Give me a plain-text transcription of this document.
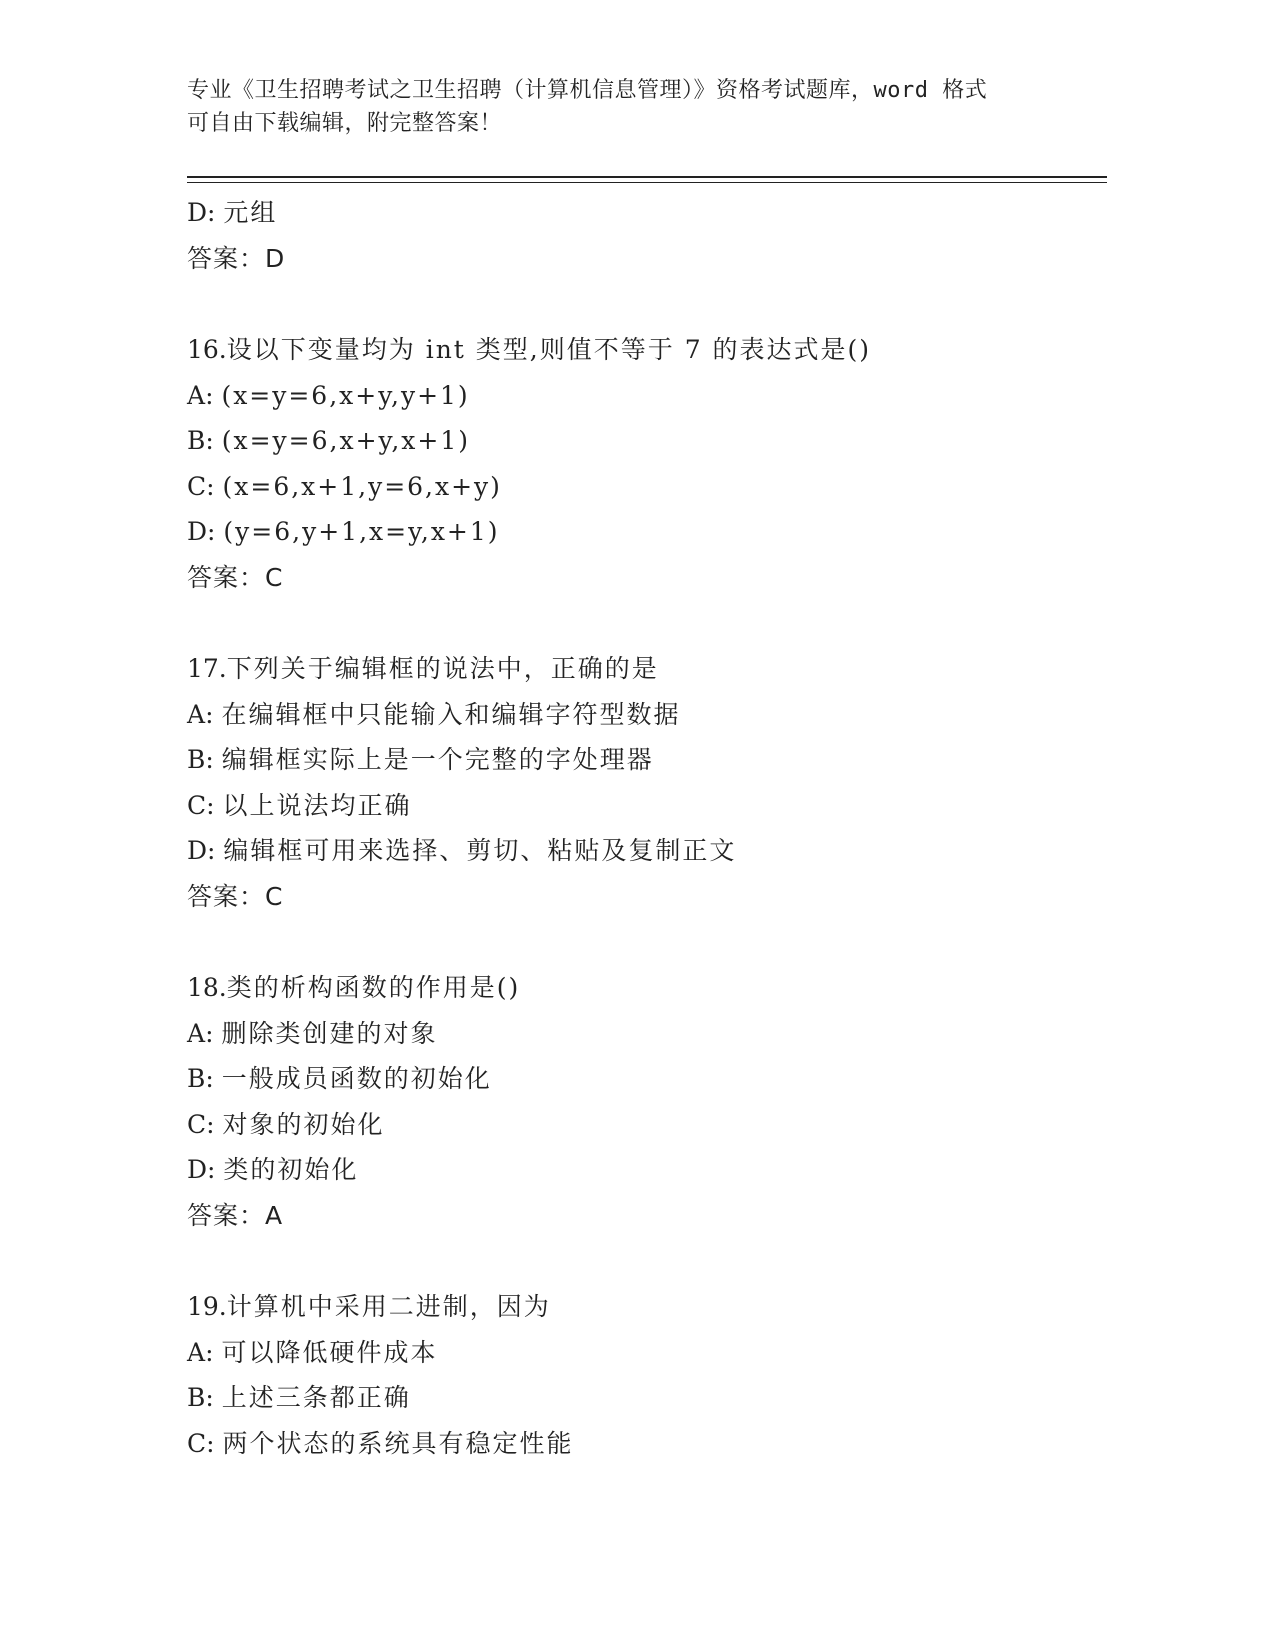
专业《卫生招聘考试之卫生招聘（计算机信息管理）》资格考试题库，word 格式
可自由下载编辑，附完整答案！
D: 元组
答案：D
16.设以下变量均为 int 类型,则值不等于 7 的表达式是()
A: (x=y=6,x+y,y+1)
B: (x=y=6,x+y,x+1)
C: (x=6,x+1,y=6,x+y)
D: (y=6,y+1,x=y,x+1)
答案：C
17.下列关于编辑框的说法中，正确的是
A: 在编辑框中只能输入和编辑字符型数据
B: 编辑框实际上是一个完整的字处理器
C: 以上说法均正确
D: 编辑框可用来选择、剪切、粘贴及复制正文
答案：C
18.类的析构函数的作用是()
A: 删除类创建的对象
B: 一般成员函数的初始化
C: 对象的初始化
D: 类的初始化
答案：A
19.计算机中采用二进制，因为
A: 可以降低硬件成本
B: 上述三条都正确
C: 两个状态的系统具有稳定性能
